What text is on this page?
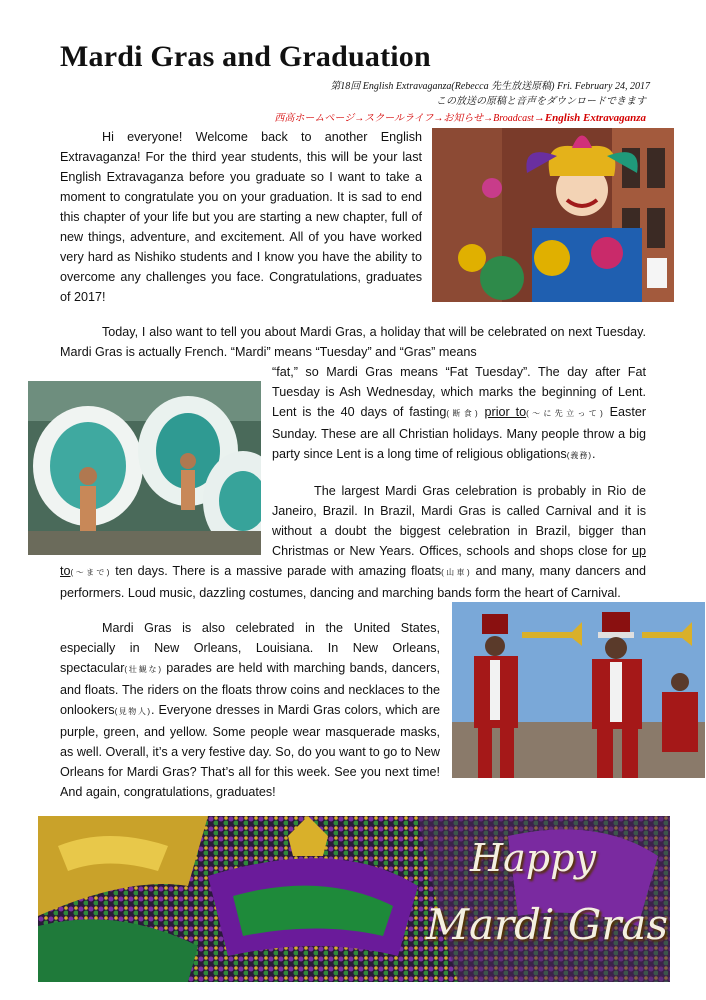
Mardi Gras and Graduation
第18回 English Extravaganza(Rebecca 先生放送原稿) Fri. February 24, 2017
この放送の原稿と音声をダウンロードできます
西高ホームページ→スクールライフ→お知らせ→Broadcast→English Extravaganza

Hi everyone! Welcome back to another English Extravaganza! For the third year students, this will be your last English Extravaganza before you graduate so I want to take a moment to congratulate you on your graduation. It is sad to end this chapter of your life but you are starting a new chapter, full of new things, adventure, and excitement. All of you have worked very hard as Nishiko students and I know you have the ability to overcome any challenges you face. Congratulations, graduates of 2017!

Today, I also want to tell you about Mardi Gras, a holiday that will be celebrated on next Tuesday. Mardi Gras is actually French. “Mardi” means “Tuesday” and “Gras” means

“fat,” so Mardi Gras means “Fat Tuesday”. The day after Fat Tuesday is Ash Wednesday, which marks the beginning of Lent. Lent is the 40 days of fasting(断食) prior to(～に先立って) Easter Sunday. These are all Christian holidays. Many people throw a big party since Lent is a long time of religious obligations(義務).

The largest Mardi Gras celebration is probably in Rio de Janeiro, Brazil. In Brazil, Mardi Gras is called Carnival and it is without a doubt the biggest celebration in Brazil, bigger than Christmas or New Years. Offices, schools and shops close for up to(～まで) ten days. There is a massive parade with amazing floats(山車) and many, many dancers and performers. Loud music, dazzling costumes, dancing and marching bands form the heart of Carnival.

Mardi Gras is also celebrated in the United States, especially in New Orleans, Louisiana. In New Orleans, spectacular(壮観な) parades are held with marching bands, dancers, and floats. The riders on the floats throw coins and necklaces to the onlookers(見物人). Everyone dresses in Mardi Gras colors, which are purple, green, and yellow. Some people wear masquerade masks, as well. Overall, it’s a very festive day. So, do you want to go to New Orleans for Mardi Gras? That’s all for this week. See you next time! And again, congratulations, graduates!

Happy
Mardi Gras
